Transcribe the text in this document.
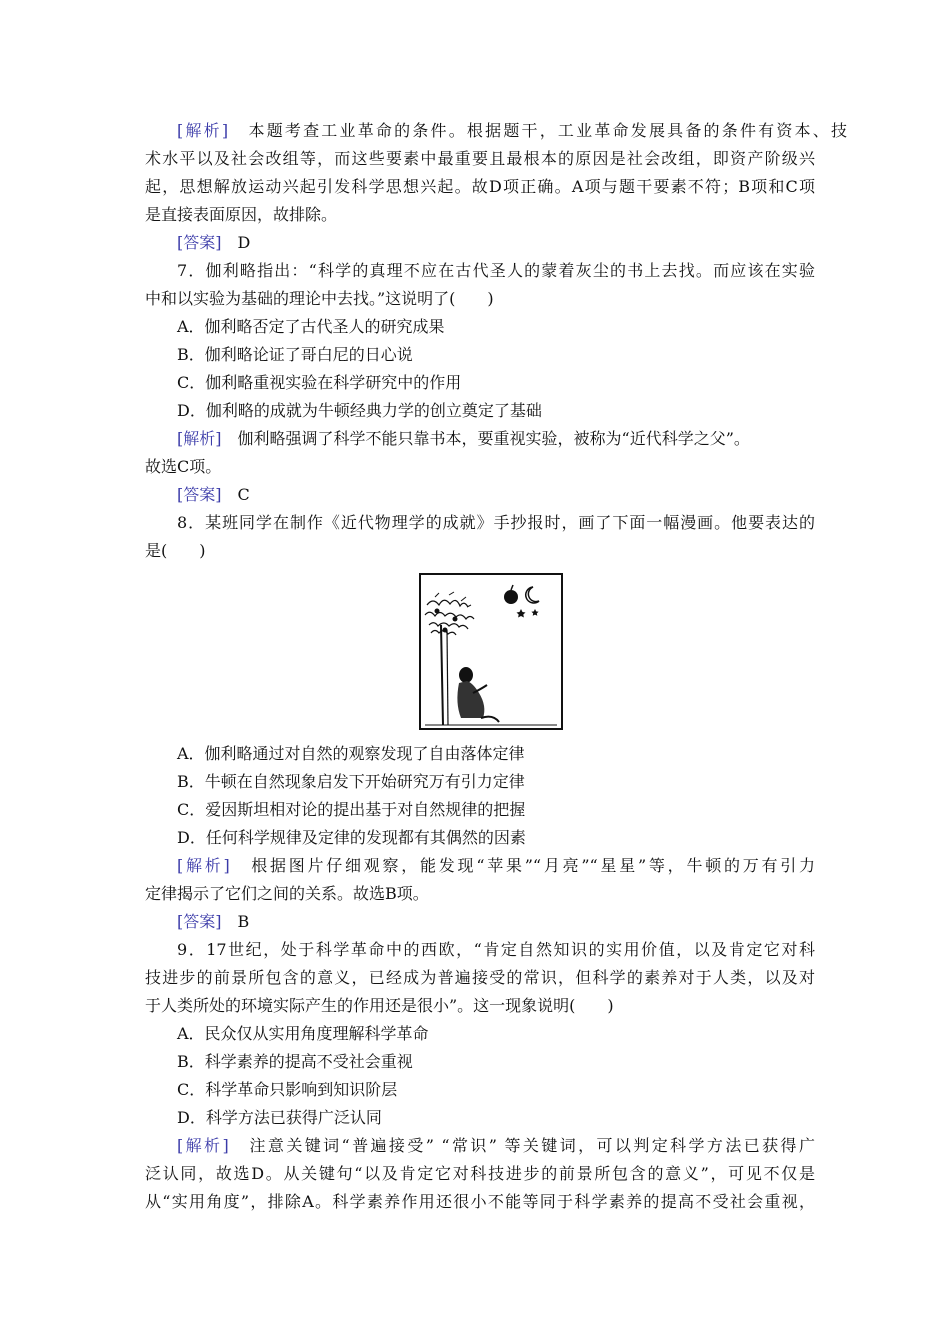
[解析]　 本题考查工业革命的条件。根据题干，工业革命发展具备的条件有资本、技
术水平以及社会改组等，而这些要素中最重要且最根本的原因是社会改组，即资产阶级兴
起，思想解放运动兴起引发科学思想兴起。故D项正确。A项与题干要素不符；B项和C项
是直接表面原因，故排除。
[答案]　 D
7．伽利略指出：“科学的真理不应在古代圣人的蒙着灰尘的书上去找。而应该在实验
中和以实验为基础的理论中去找。”这说明了(　　)
A．伽利略否定了古代圣人的研究成果
B．伽利略论证了哥白尼的日心说
C．伽利略重视实验在科学研究中的作用
D．伽利略的成就为牛顿经典力学的创立奠定了基础
[解析]　 伽利略强调了科学不能只靠书本，要重视实验，被称为“近代科学之父”。
故选C项。
[答案]　 C
8．某班同学在制作《近代物理学的成就》手抄报时，画了下面一幅漫画。他要表达的
是(　　)
A．伽利略通过对自然的观察发现了自由落体定律
B．牛顿在自然现象启发下开始研究万有引力定律
C．爱因斯坦相对论的提出基于对自然规律的把握
D．任何科学规律及定律的发现都有其偶然的因素
[解析]　 根据图片仔细观察，能发现“苹果”“月亮”“星星”等，牛顿的万有引力
定律揭示了它们之间的关系。故选B项。
[答案]　 B
9．17世纪，处于科学革命中的西欧，“肯定自然知识的实用价值，以及肯定它对科
技进步的前景所包含的意义，已经成为普遍接受的常识，但科学的素养对于人类，以及对
于人类所处的环境实际产生的作用还是很小”。这一现象说明(　　)
A．民众仅从实用角度理解科学革命
B．科学素养的提高不受社会重视
C．科学革命只影响到知识阶层
D．科学方法已获得广泛认同
[解析]　 注意关键词“普遍接受” “常识” 等关键词，可以判定科学方法已获得广
泛认同，故选D。从关键句“以及肯定它对科技进步的前景所包含的意义”，可见不仅是
从“实用角度”，排除A。科学素养作用还很小不能等同于科学素养的提高不受社会重视，
